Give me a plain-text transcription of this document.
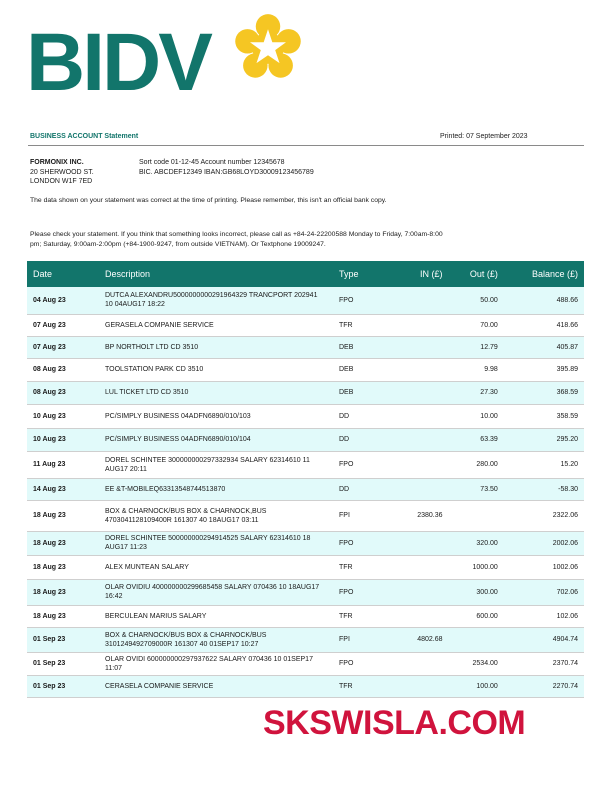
BIDV
BUSINESS ACCOUNT Statement	Printed: 07 September 2023
FORMONIX INC.
20 SHERWOOD ST.
LONDON W1F 7ED
Sort code 01-12-45 Account number 12345678
BIC. ABCDEF12349 IBAN:GB68LOYD30009123456789
The data shown on your statement was correct at the time of printing. Please remember, this isn't an official bank copy.
Please check your statement. If you think that something looks incorrect, please call as +84-24-22200588 Monday to Friday, 7:00am-8:00 pm; Saturday, 9:00am-2:00pm (+84-1900-9247, from outside VIETNAM). Or Textphone 19009247.
Date	Description	Type	IN (£)	Out (£)	Balance (£)
04 Aug 23	DUTCA ALEXANDRU5000000000291964329 TRANCPORT 202941 10 04AUG17 18:22	FPO		50.00	488.66
07 Aug 23	GERASELA COMPANIE SERVICE	TFR		70.00	418.66
07 Aug 23	BP NORTHOLT LTD CD 3510	DEB		12.79	405.87
08 Aug 23	TOOLSTATION PARK CD 3510	DEB		9.98	395.89
08 Aug 23	LUL TICKET LTD CD 3510	DEB		27.30	368.59
10 Aug 23	PC/SIMPLY BUSINESS 04ADFN6890/010/103	DD		10.00	358.59
10 Aug 23	PC/SIMPLY BUSINESS 04ADFN6890/010/104	DD		63.39	295.20
11 Aug 23	DOREL SCHINTEE 300000000297332934 SALARY 62314610 11 AUG17 20:11	FPO		280.00	15.20
14 Aug 23	EE &T-MOBILEQ63313548744513870	DD		73.50	-58.30
18 Aug 23	BOX & CHARNOCK/BUS BOX & CHARNOCK,BUS 4703041128109400R 161307 40 18AUG17 03:11	FPI	2380.36		2322.06
18 Aug 23	DOREL SCHINTEE 500000000294914525 SALARY 62314610 18 AUG17 11:23	FPO		320.00	2002.06
18 Aug 23	ALEX MUNTEAN SALARY	TFR		1000.00	1002.06
18 Aug 23	OLAR OVIDIU 400000000299685458 SALARY 070436 10 18AUG17 16:42	FPO		300.00	702.06
18 Aug 23	BERCULEAN MARIUS SALARY	TFR		600.00	102.06
01 Sep 23	BOX & CHARNOCK/BUS BOX & CHARNOCK/BUS 3101249492709000R 161307 40 01SEP17 10:27	FPI	4802.68		4904.74
01 Sep 23	OLAR OVIDI 600000000297937622 SALARY 070436 10 01SEP17 11:07	FPO		2534.00	2370.74
01 Sep 23	CERASELA COMPANIE SERVICE	TFR		100.00	2270.74
SKSWISLA.COM
